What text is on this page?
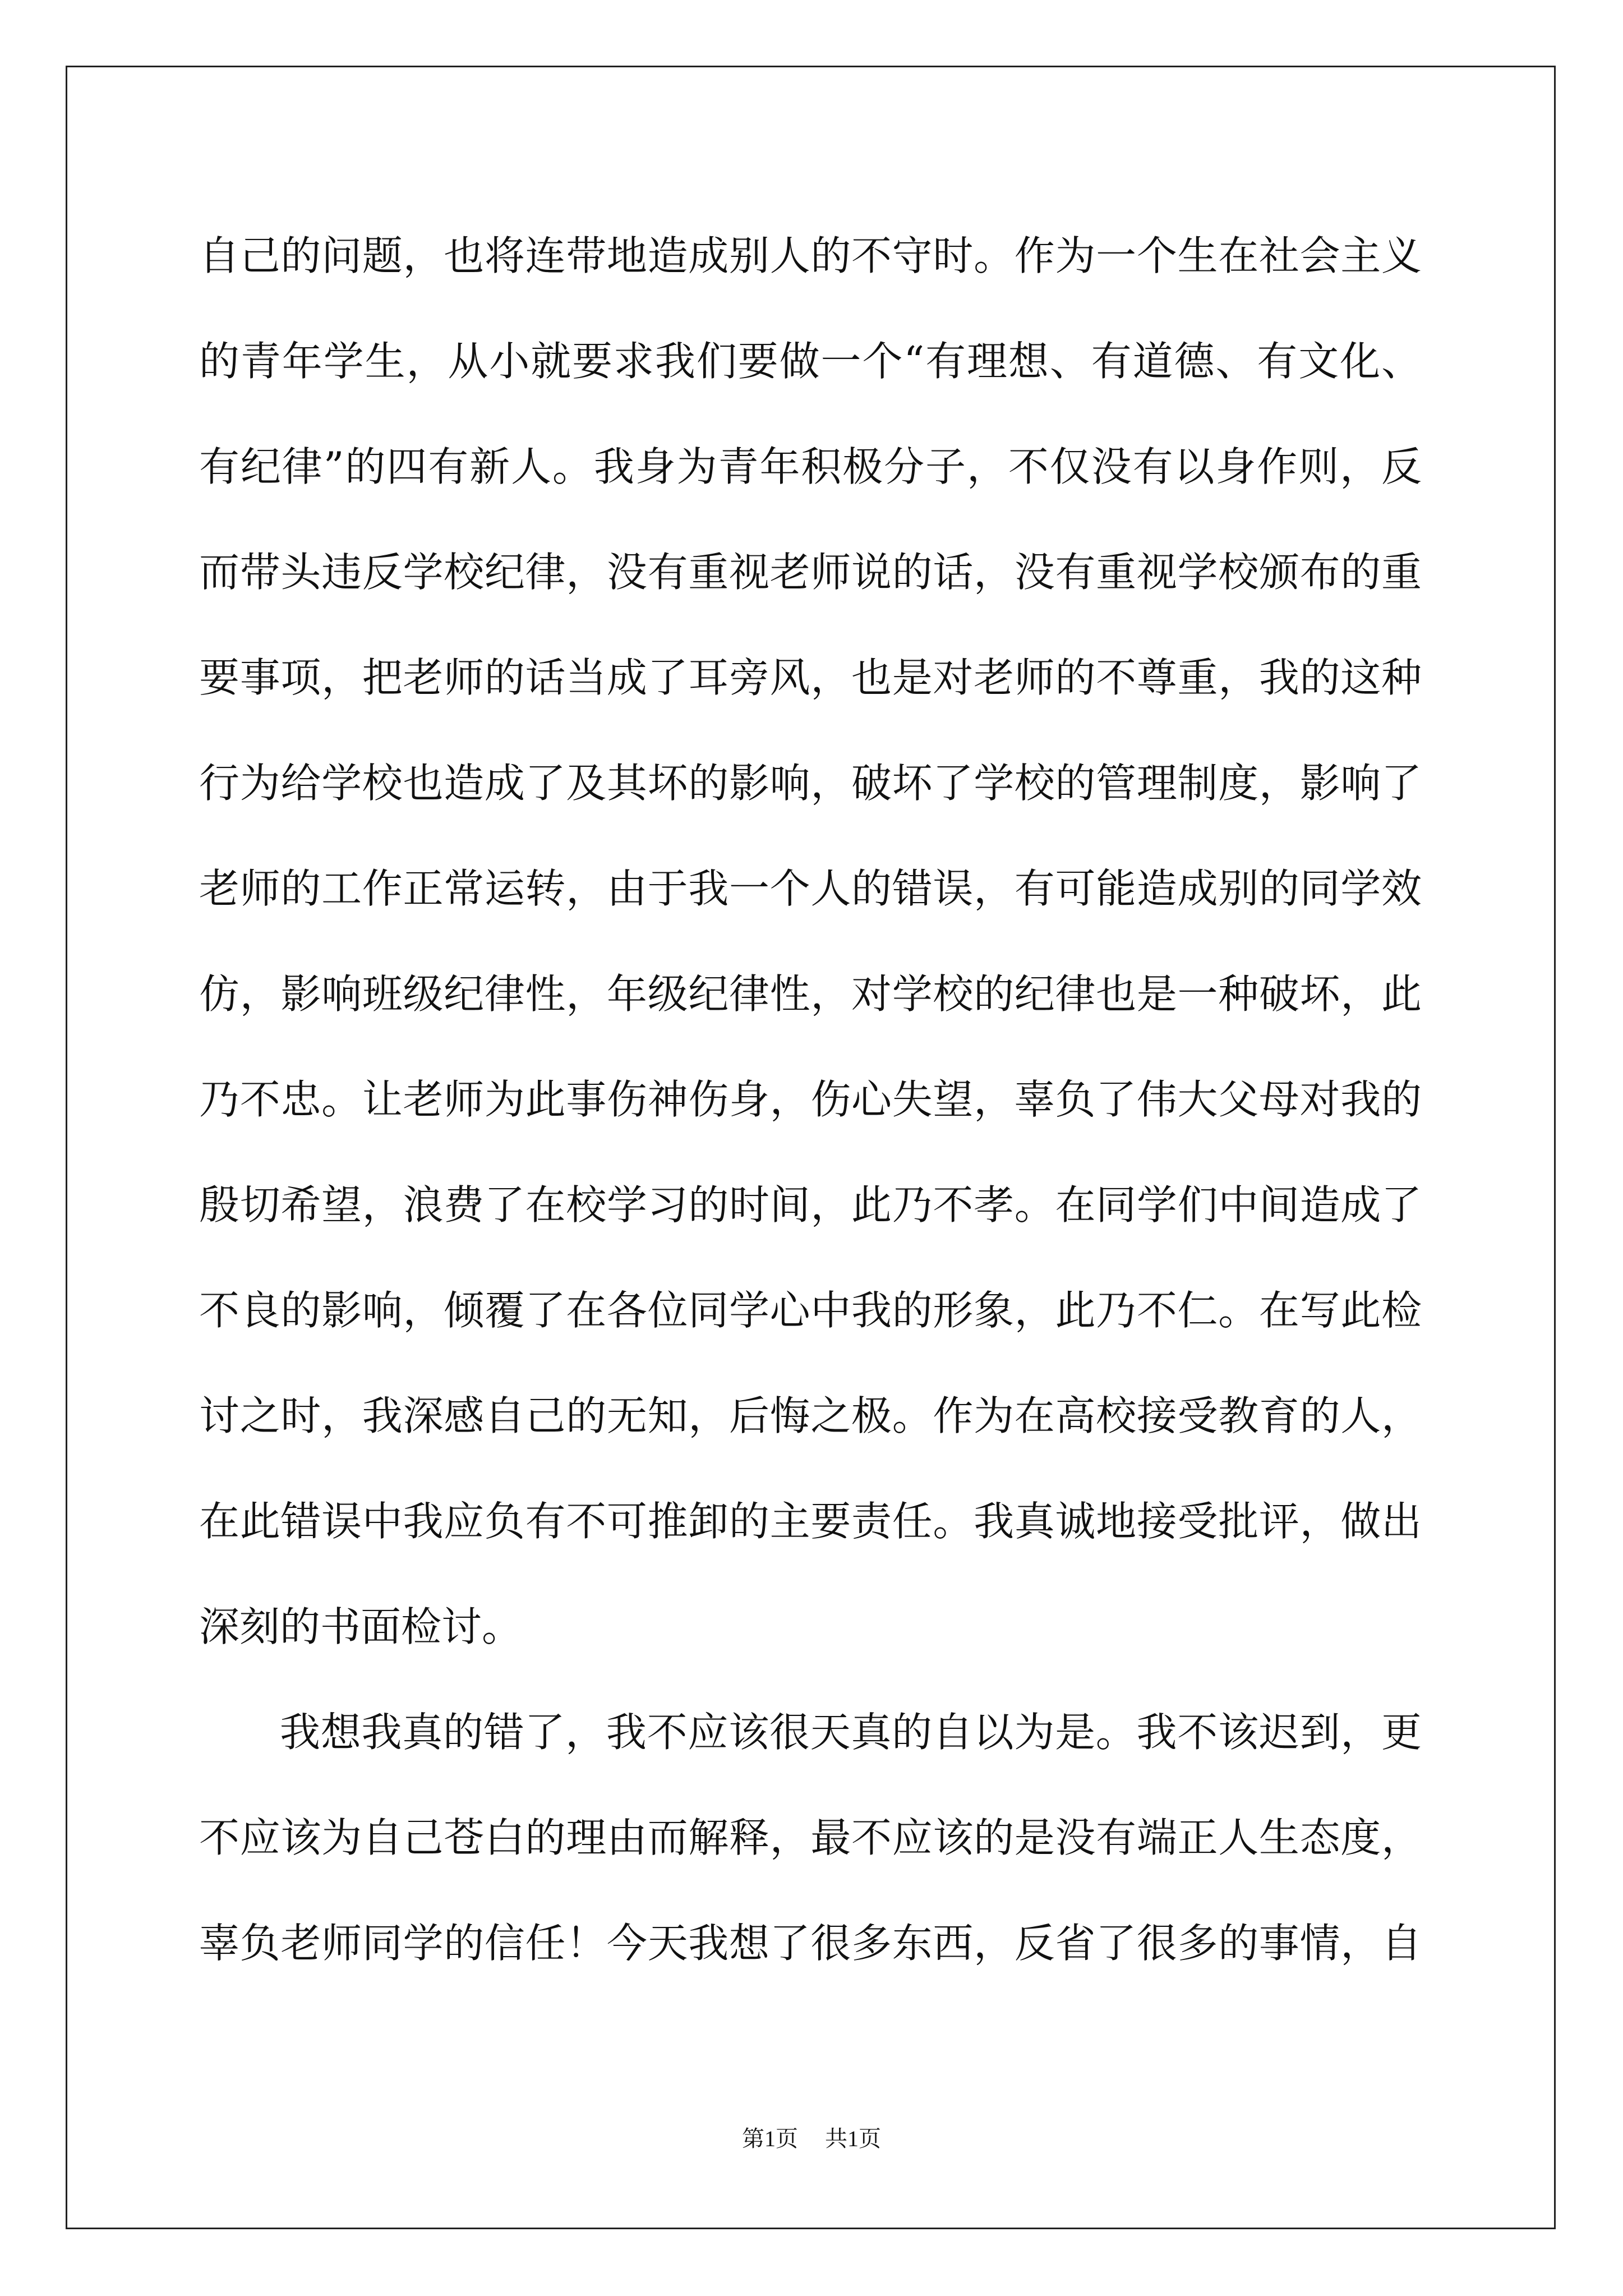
自己的问题，也将连带地造成别人的不守时。作为一个生在社会主义
的青年学生，从小就要求我们要做一个“有理想、有道德、有文化、
有纪律”的四有新人。我身为青年积极分子，不仅没有以身作则，反
而带头违反学校纪律，没有重视老师说的话，没有重视学校颁布的重
要事项，把老师的话当成了耳旁风，也是对老师的不尊重，我的这种
行为给学校也造成了及其坏的影响，破坏了学校的管理制度，影响了
老师的工作正常运转，由于我一个人的错误，有可能造成别的同学效
仿，影响班级纪律性，年级纪律性，对学校的纪律也是一种破坏，此
乃不忠。让老师为此事伤神伤身，伤心失望，辜负了伟大父母对我的
殷切希望，浪费了在校学习的时间，此乃不孝。在同学们中间造成了
不良的影响，倾覆了在各位同学心中我的形象，此乃不仁。在写此检
讨之时，我深感自己的无知，后悔之极。作为在高校接受教育的人，
在此错误中我应负有不可推卸的主要责任。我真诚地接受批评，做出
深刻的书面检讨。
我想我真的错了，我不应该很天真的自以为是。我不该迟到，更
不应该为自己苍白的理由而解释，最不应该的是没有端正人生态度，
辜负老师同学的信任！今天我想了很多东西，反省了很多的事情，自
第1页 共1页
